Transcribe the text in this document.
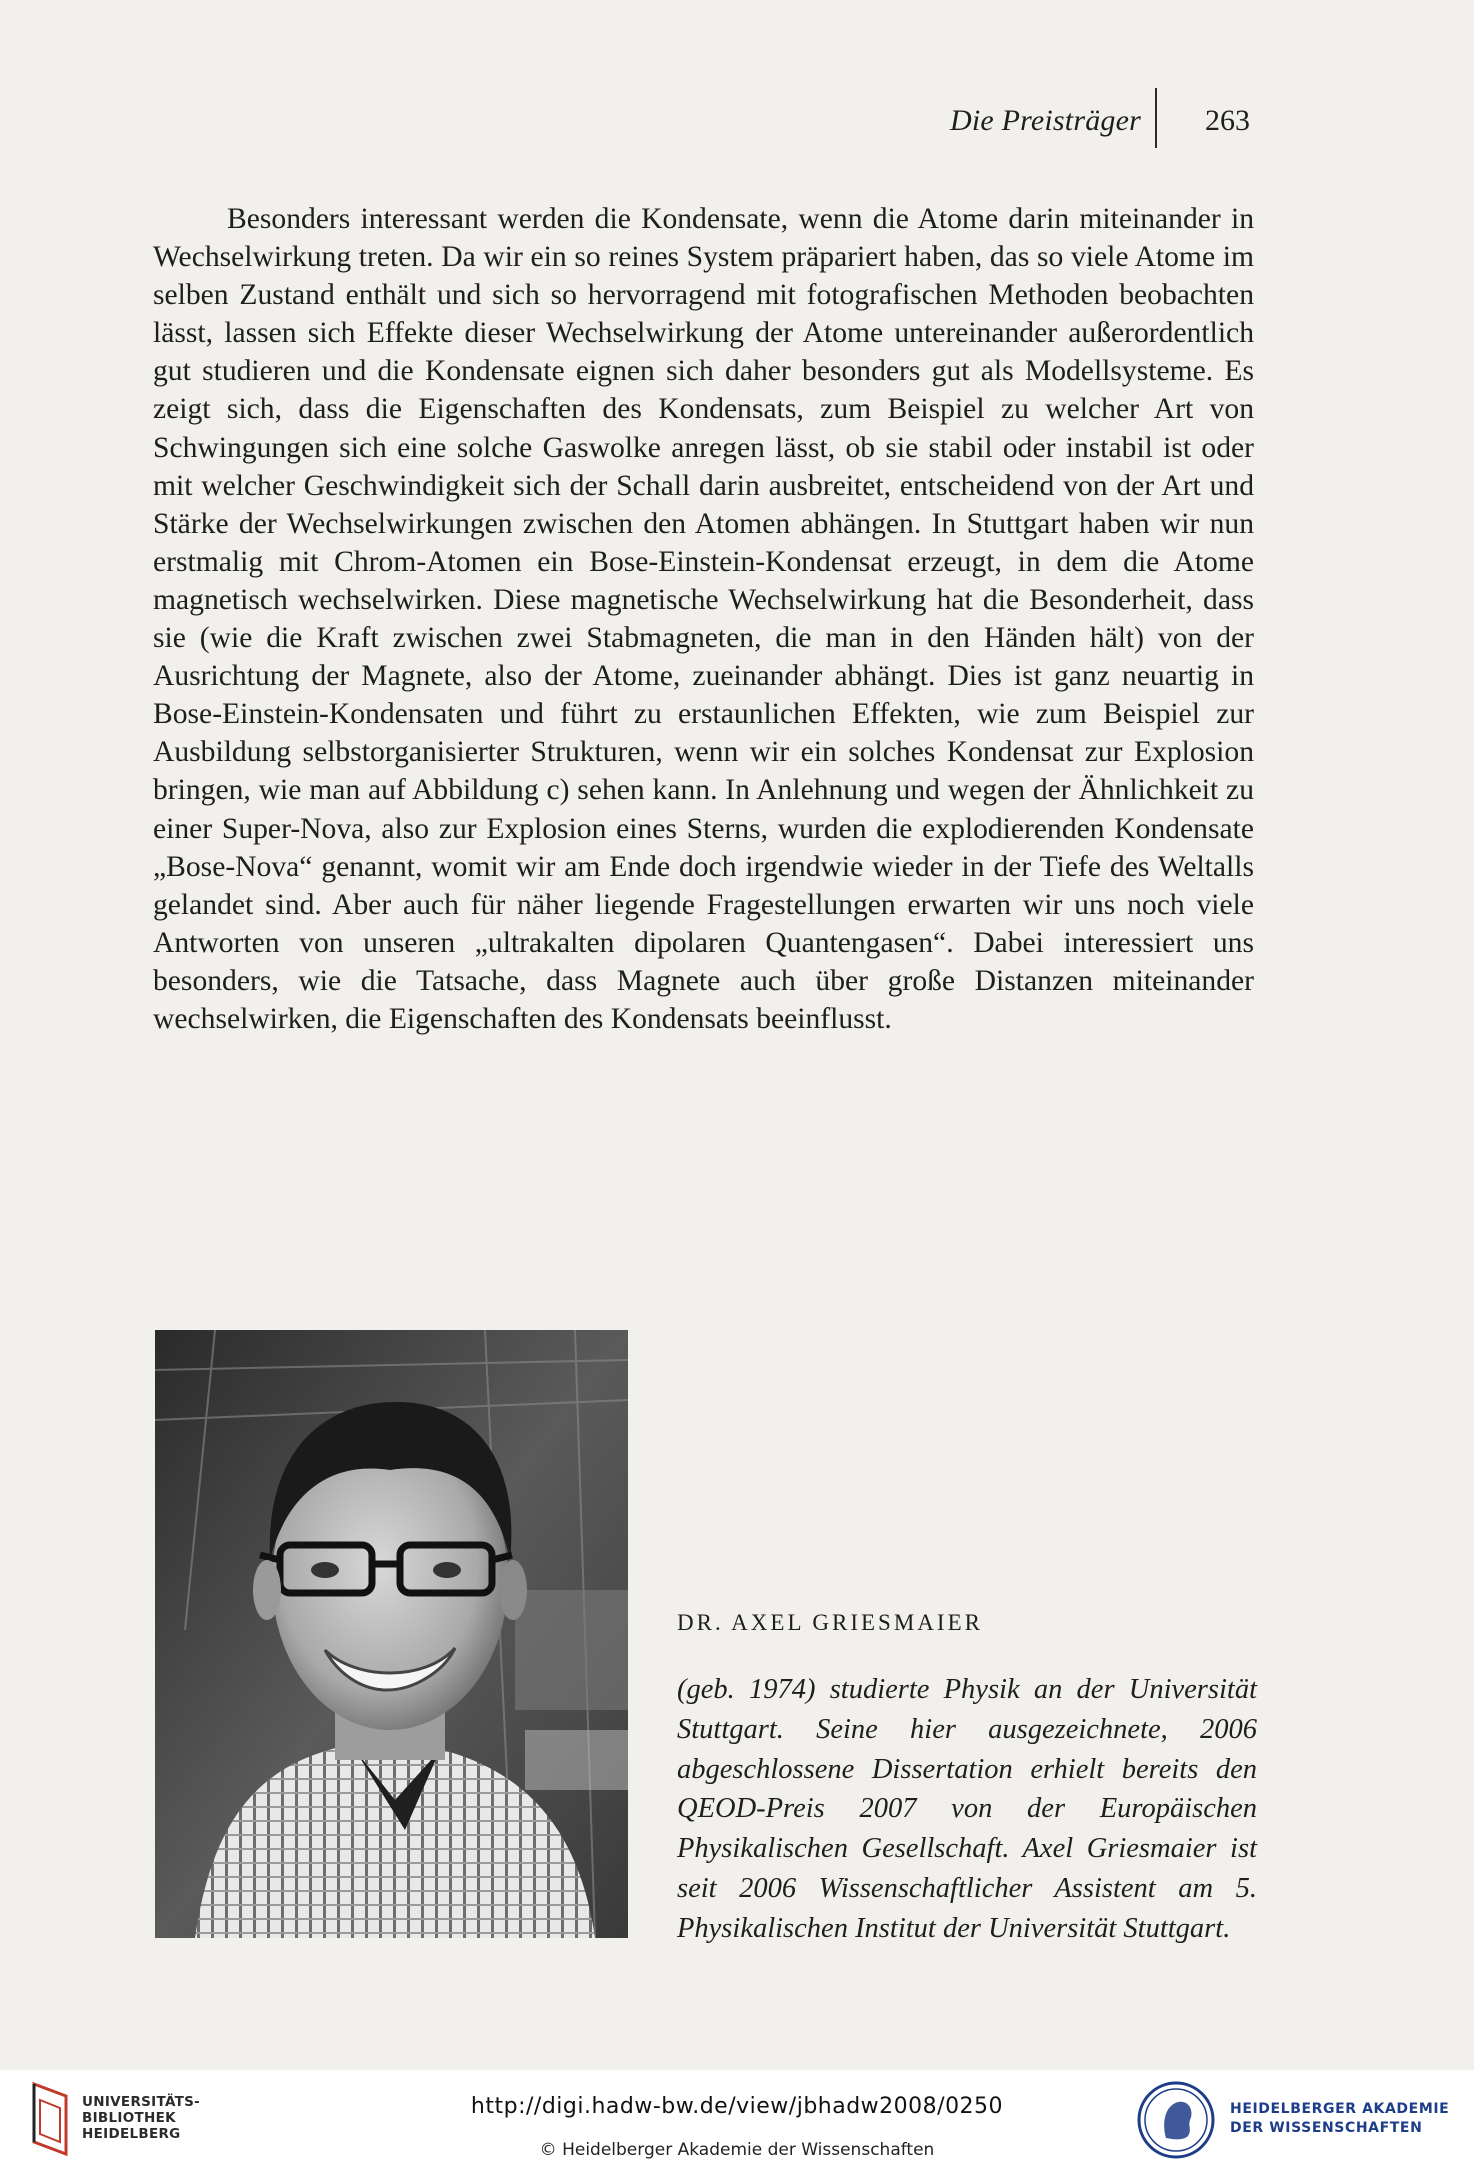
Die Preisträger 263

Besonders interessant werden die Kondensate, wenn die Atome darin miteinander in Wechselwirkung treten. Da wir ein so reines System präpariert haben, das so viele Atome im selben Zustand enthält und sich so hervorragend mit fotografischen Methoden beobachten lässt, lassen sich Effekte dieser Wechselwirkung der Atome untereinander außerordentlich gut studieren und die Kondensate eignen sich daher besonders gut als Modellsysteme. Es zeigt sich, dass die Eigenschaften des Kondensats, zum Beispiel zu welcher Art von Schwingungen sich eine solche Gaswolke anregen lässt, ob sie stabil oder instabil ist oder mit welcher Geschwindigkeit sich der Schall darin ausbreitet, entscheidend von der Art und Stärke der Wechselwirkungen zwischen den Atomen abhängen. In Stuttgart haben wir nun erstmalig mit Chrom-Atomen ein Bose-Einstein-Kondensat erzeugt, in dem die Atome magnetisch wechselwirken. Diese magnetische Wechselwirkung hat die Besonderheit, dass sie (wie die Kraft zwischen zwei Stabmagneten, die man in den Händen hält) von der Ausrichtung der Magnete, also der Atome, zueinander abhängt. Dies ist ganz neuartig in Bose-Einstein-Kondensaten und führt zu erstaunlichen Effekten, wie zum Beispiel zur Ausbildung selbstorganisierter Strukturen, wenn wir ein solches Kondensat zur Explosion bringen, wie man auf Abbildung c) sehen kann. In Anlehnung und wegen der Ähnlichkeit zu einer Super-Nova, also zur Explosion eines Sterns, wurden die explodierenden Kondensate „Bose-Nova“ genannt, womit wir am Ende doch irgendwie wieder in der Tiefe des Weltalls gelandet sind. Aber auch für näher liegende Fragestellungen erwarten wir uns noch viele Antworten von unseren „ultrakalten dipolaren Quantengasen“. Dabei interessiert uns besonders, wie die Tatsache, dass Magnete auch über große Distanzen miteinander wechselwirken, die Eigenschaften des Kondensats beeinflusst.

DR. AXEL GRIESMAIER

(geb. 1974) studierte Physik an der Universität Stuttgart. Seine hier ausgezeichnete, 2006 abgeschlossene Dissertation erhielt bereits den QEOD-Preis 2007 von der Europäischen Physikalischen Gesellschaft. Axel Griesmaier ist seit 2006 Wissenschaftlicher Assistent am 5. Physikalischen Institut der Universität Stuttgart.

UNIVERSITÄTS-
BIBLIOTHEK
HEIDELBERG
http://digi.hadw-bw.de/view/jbhadw2008/0250
© Heidelberger Akademie der Wissenschaften
HEIDELBERGER AKADEMIE
DER WISSENSCHAFTEN
